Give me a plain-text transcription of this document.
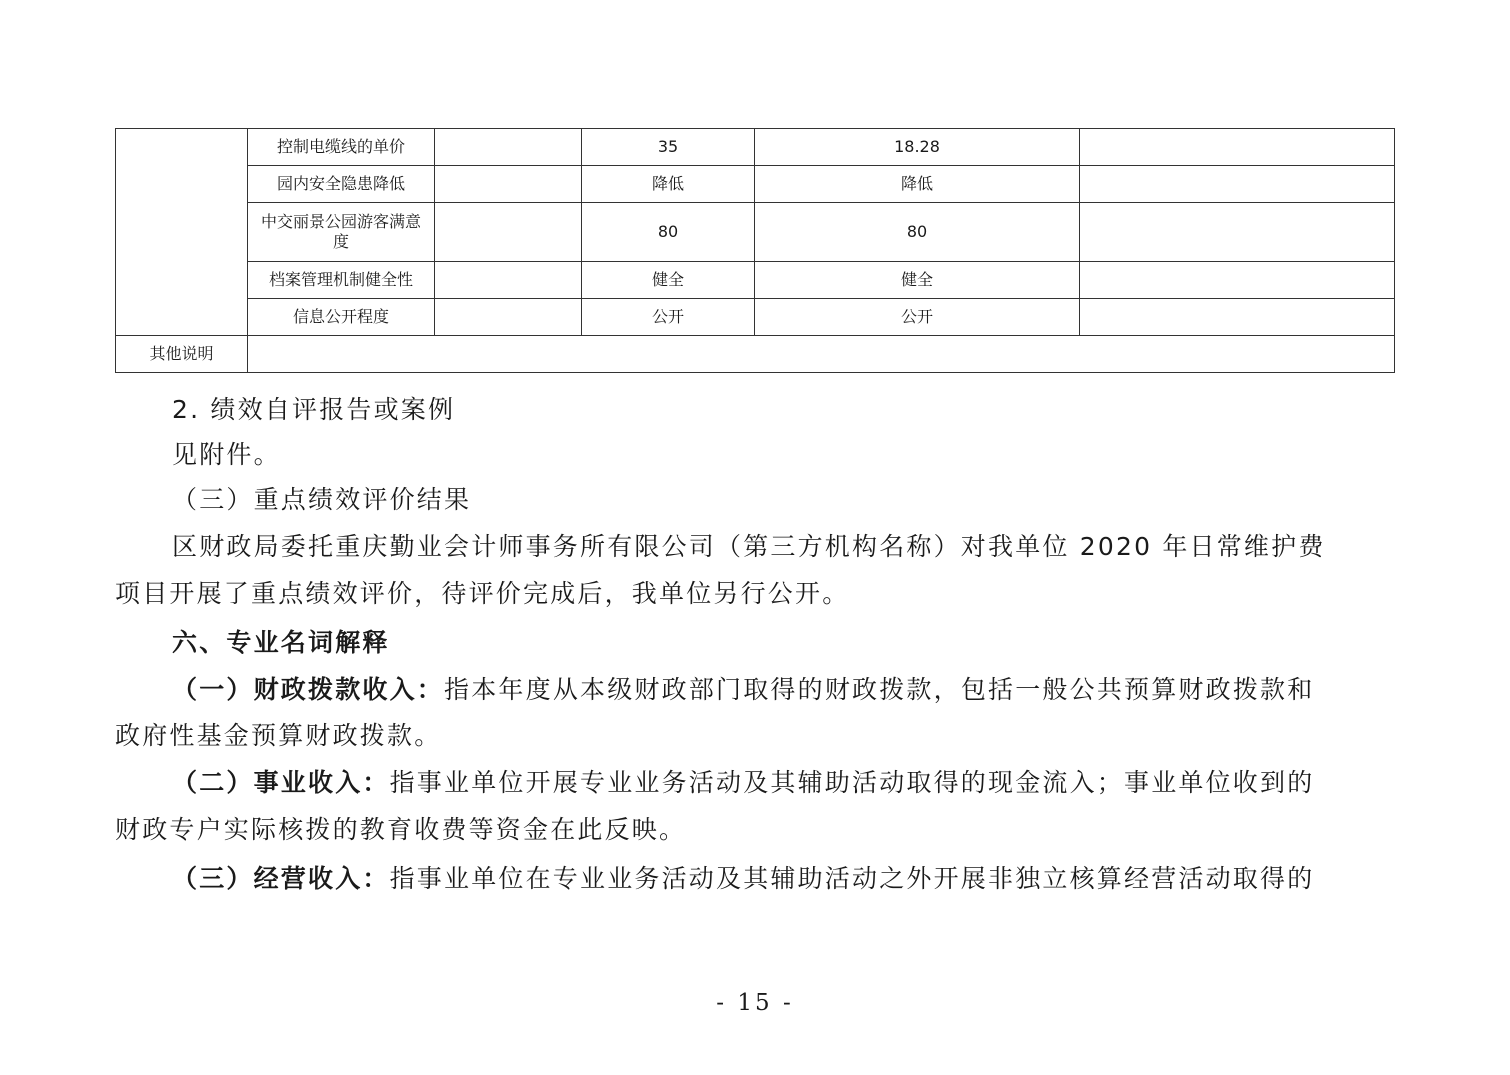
	控制电缆线的单价		35	18.28	
	园内安全隐患降低		降低	降低	
	中交丽景公园游客满意度		80	80	
	档案管理机制健全性		健全	健全	
	信息公开程度		公开	公开	
其他说明					

2. 绩效自评报告或案例

见附件。

（三）重点绩效评价结果

区财政局委托重庆勤业会计师事务所有限公司（第三方机构名称）对我单位 2020 年日常维护费

项目开展了重点绩效评价，待评价完成后，我单位另行公开。

六、专业名词解释

（一）财政拨款收入：指本年度从本级财政部门取得的财政拨款，包括一般公共预算财政拨款和

政府性基金预算财政拨款。

（二）事业收入：指事业单位开展专业业务活动及其辅助活动取得的现金流入；事业单位收到的

财政专户实际核拨的教育收费等资金在此反映。

（三）经营收入：指事业单位在专业业务活动及其辅助活动之外开展非独立核算经营活动取得的

- 15 -
